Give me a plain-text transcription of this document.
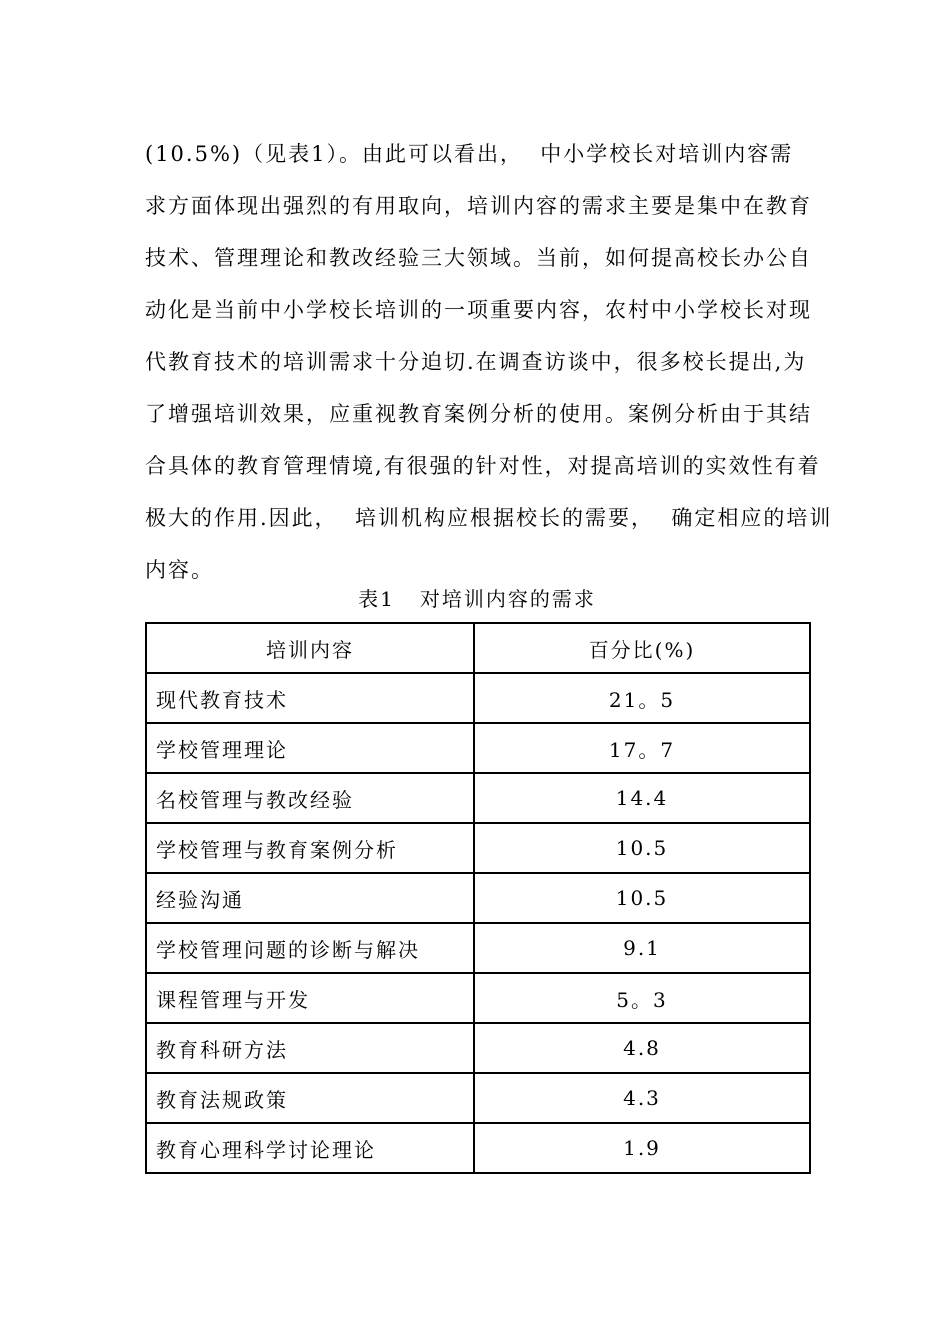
(10.5%)（见表1）。由此可以看出，  中小学校长对培训内容需
求方面体现出强烈的有用取向，培训内容的需求主要是集中在教育
技术、管理理论和教改经验三大领域。当前，如何提高校长办公自
动化是当前中小学校长培训的一项重要内容，农村中小学校长对现
代教育技术的培训需求十分迫切.在调查访谈中，很多校长提出,为
了增强培训效果，应重视教育案例分析的使用。案例分析由于其结
合具体的教育管理情境,有很强的针对性，对提高培训的实效性有着
极大的作用.因此，  培训机构应根据校长的需要，  确定相应的培训
内容。
表1   对培训内容的需求
培训内容	百分比(%)
现代教育技术	21。5
学校管理理论	17。7
名校管理与教改经验	14.4
学校管理与教育案例分析	10.5
经验沟通	10.5
学校管理问题的诊断与解决	9.1
课程管理与开发	5。3
教育科研方法	4.8
教育法规政策	4.3
教育心理科学讨论理论	1.9
